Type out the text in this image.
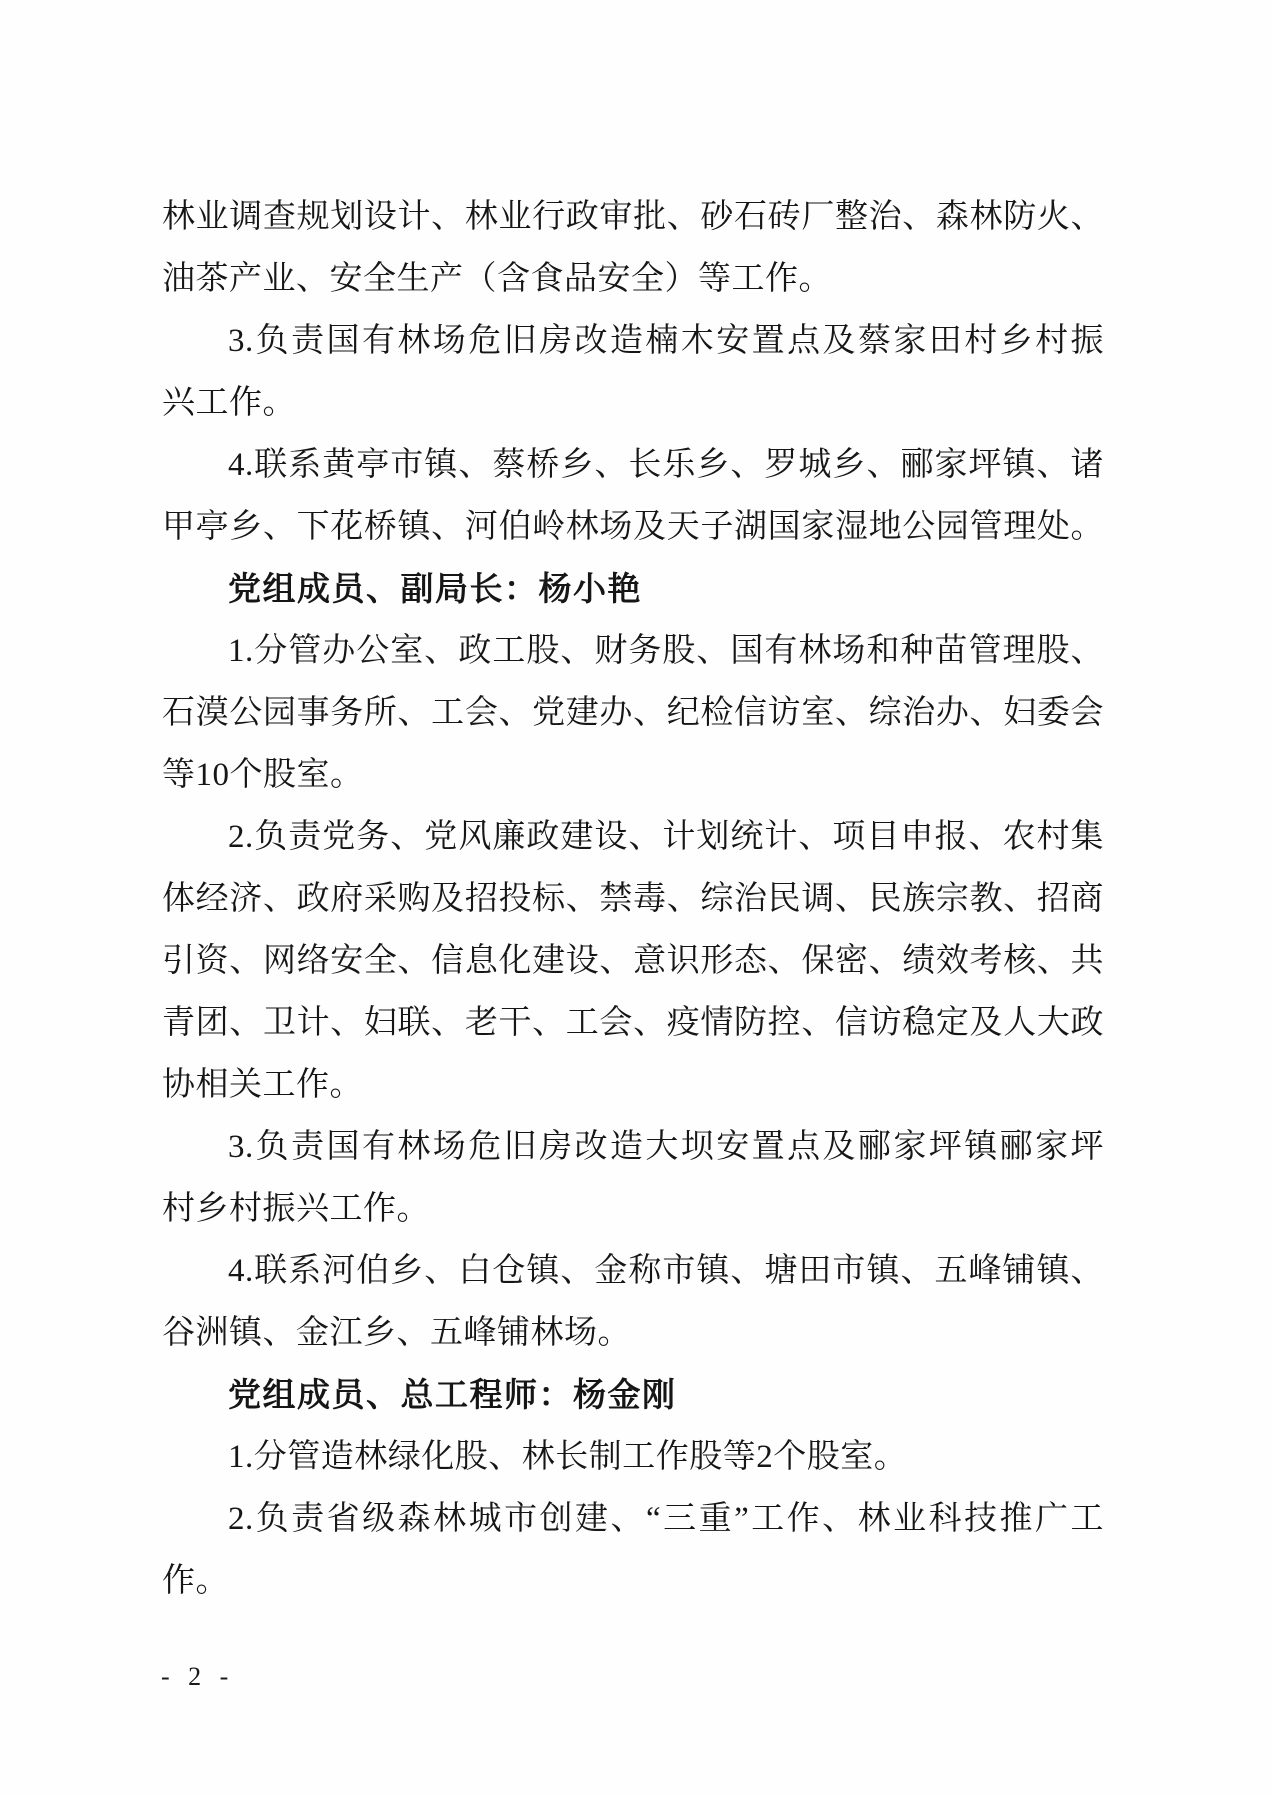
林业调查规划设计、林业行政审批、砂石砖厂整治、森林防火、
油茶产业、安全生产（含食品安全）等工作。
3.负责国有林场危旧房改造楠木安置点及蔡家田村乡村振
兴工作。
4.联系黄亭市镇、蔡桥乡、长乐乡、罗城乡、郦家坪镇、诸
甲亭乡、下花桥镇、河伯岭林场及天子湖国家湿地公园管理处。
党组成员、副局长：杨小艳
1.分管办公室、政工股、财务股、国有林场和种苗管理股、
石漠公园事务所、工会、党建办、纪检信访室、综治办、妇委会
等10个股室。
2.负责党务、党风廉政建设、计划统计、项目申报、农村集
体经济、政府采购及招投标、禁毒、综治民调、民族宗教、招商
引资、网络安全、信息化建设、意识形态、保密、绩效考核、共
青团、卫计、妇联、老干、工会、疫情防控、信访稳定及人大政
协相关工作。
3.负责国有林场危旧房改造大坝安置点及郦家坪镇郦家坪
村乡村振兴工作。
4.联系河伯乡、白仓镇、金称市镇、塘田市镇、五峰铺镇、
谷洲镇、金江乡、五峰铺林场。
党组成员、总工程师：杨金刚
1.分管造林绿化股、林长制工作股等2个股室。
2.负责省级森林城市创建、“三重”工作、林业科技推广工
作。
- 2 -
